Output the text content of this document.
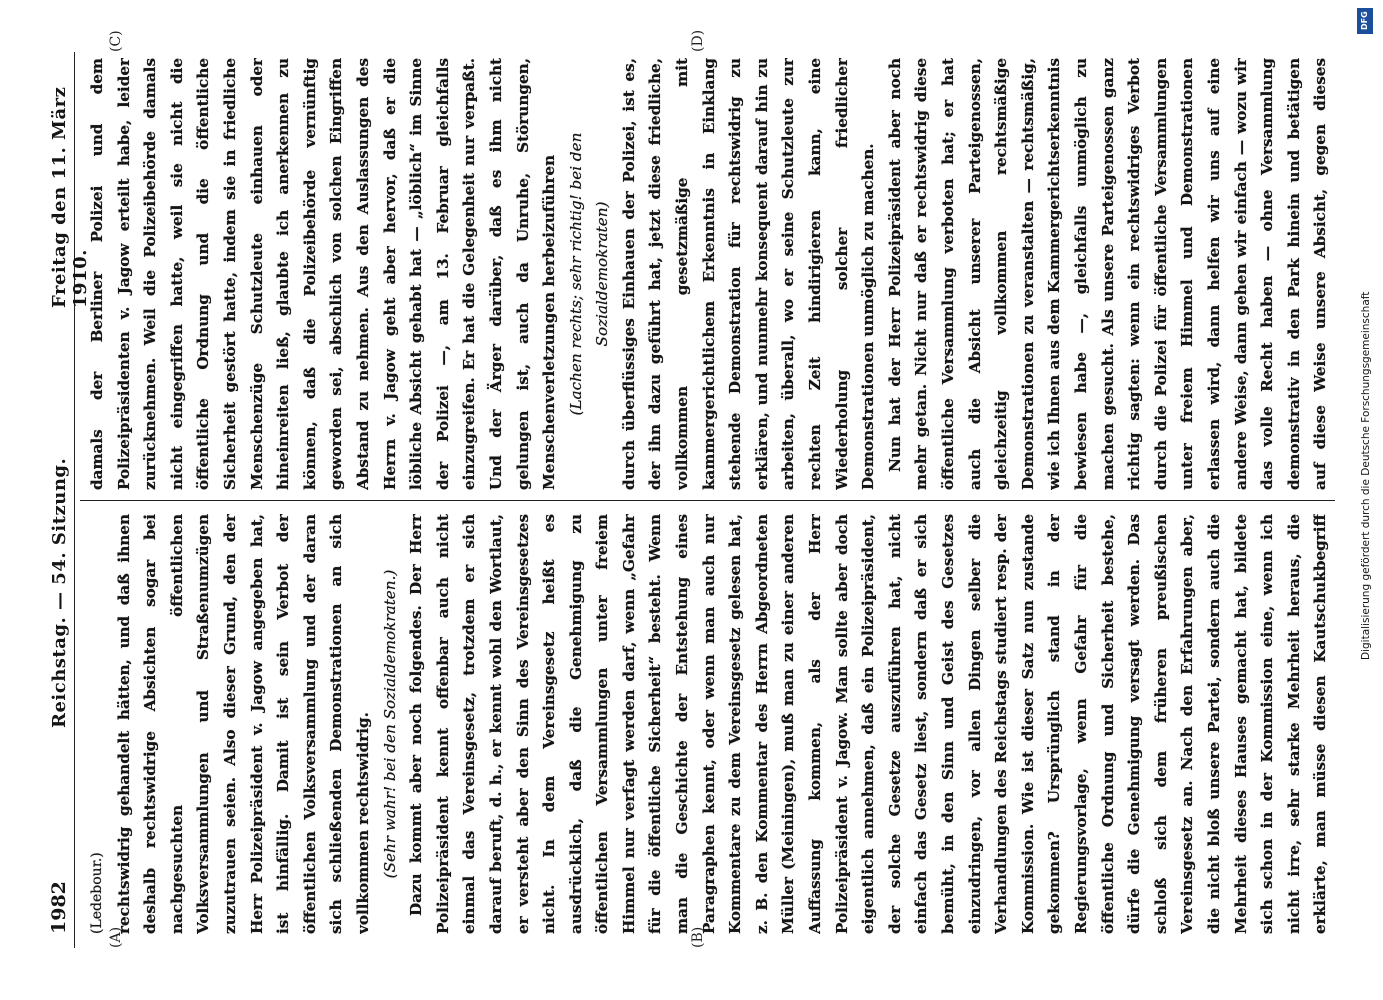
1982
Reichstag. — 54. Sitzung.
Freitag den 11. März 1910.
(A)	(B)
(C)	(D)
(Ledebour.) rechtswidrig gehandelt hätten, und daß ihnen deshalb rechtswidrige Absichten sogar bei nachgesuchten öffentlichen Volksversammlungen und Straßenumzügen zuzutrauen seien. Also dieser Grund, den der Herr Polizeipräsident v. Jagow angegeben hat, ist hinfällig. Damit ist sein Verbot der öffentlichen Volksversammlung und der daran sich schließenden Demonstrationen an sich vollkommen rechtswidrig. (Sehr wahr! bei den Sozialdemokraten.)

Dazu kommt aber noch folgendes. Der Herr Polizeipräsident kennt offenbar auch nicht einmal das Vereinsgesetz, trotzdem er sich darauf beruft, d. h., er kennt wohl den Wortlaut, er versteht aber den Sinn des Vereinsgesetzes nicht. In dem Vereinsgesetz heißt es ausdrücklich, daß die Genehmigung zu öffentlichen Versammlungen unter freiem Himmel nur verfagt werden darf, wenn „Gefahr für die öffentliche Sicherheit“ besteht. Wenn man die Geschichte der Entstehung eines Paragraphen kennt, oder wenn man auch nur Kommentare zu dem Vereinsgesetz gelesen hat, z. B. den Kommentar des Herrn Abgeordneten Müller (Meiningen), muß man zu einer anderen Auffassung kommen, als der Herr Polizeipräsident v. Jagow. Man sollte aber doch eigentlich annehmen, daß ein Polizeipräsident, der solche Gesetze auszuführen hat, nicht einfach das Gesetz liest, sondern daß er sich bemüht, in den Sinn und Geist des Gesetzes einzudringen, vor allen Dingen selber die Verhandlungen des Reichstags studiert resp. der Kommission. Wie ist dieser Satz nun zustande gekommen? Ursprünglich stand in der Regierungsvorlage, wenn Gefahr für die öffentliche Ordnung und Sicherheit bestehe, dürfe die Genehmigung versagt werden. Das schloß sich dem früheren preußischen Vereinsgesetz an. Nach den Erfahrungen aber, die nicht bloß unsere Partei, sondern auch die Mehrheit dieses Hauses gemacht hat, bildete sich schon in der Kommission eine, wenn ich nicht irre, sehr starke Mehrheit heraus, die erklärte, man müsse diesen Kautschukbegriff

damals der Berliner Polizei und dem Polizeipräsidenten v. Jagow erteilt habe, leider zurücknehmen. Weil die Polizeibehörde damals nicht eingegriffen hatte, weil sie nicht die öffentliche Ordnung und die öffentliche Sicherheit gestört hatte, indem sie in friedliche Menschenzüge Schutzleute einhauen oder hineinreiten ließ, glaubte ich anerkennen zu können, daß die Polizeibehörde vernünftig geworden sei, abschlich von solchen Eingriffen Abstand zu nehmen. Aus den Auslassungen des Herrn v. Jagow geht aber hervor, daß er die löbliche Absicht gehabt hat — „löblich“ im Sinne der Polizei —, am 13. Februar gleichfalls einzugreifen. Er hat die Gelegenheit nur verpaßt. Und der Ärger darüber, daß es ihm nicht gelungen ist, auch da Unruhe, Störungen, Menschenverletzungen herbeizuführen (Lachen rechts; sehr richtig! bei den Sozialdemokraten) durch überflüssiges Einhauen der Polizei, ist es, der ihn dazu geführt hat, jetzt diese friedliche, vollkommen gesetzmäßige mit kammergerichtlichem Erkenntnis in Einklang stehende Demonstration für rechtswidrig zu erklären, und nunmehr konsequent darauf hin zu arbeiten, überall, wo er seine Schutzleute zur rechten Zeit hindirigieren kann, eine Wiederholung solcher friedlicher Demonstrationen unmöglich zu machen. Nun hat der Herr Polizeipräsident aber noch mehr getan. Nicht nur daß er rechtswidrig diese öffentliche Versammlung verboten hat; er hat auch die Absicht unserer Parteigenossen, gleichzeitig vollkommen rechtsmäßige Demonstrationen zu veranstalten — rechtsmäßig, wie ich Ihnen aus dem Kammergerichtserkenntnis bewiesen habe —, gleichfalls unmöglich zu machen gesucht. Als unsere Parteigenossen ganz richtig sagten: wenn ein rechtswidriges Verbot durch die Polizei für öffentliche Versammlungen unter freiem Himmel und Demonstrationen erlassen wird, dann helfen wir uns auf eine andere Weise, dann gehen wir einfach — wozu wir das volle Recht haben — ohne Versammlung demonstrativ in den Park hinein und betätigen auf diese Weise unsere Absicht, gegen dieses

DFG
Digitalisierung gefördert durch die Deutsche Forschungsgemeinschaft
